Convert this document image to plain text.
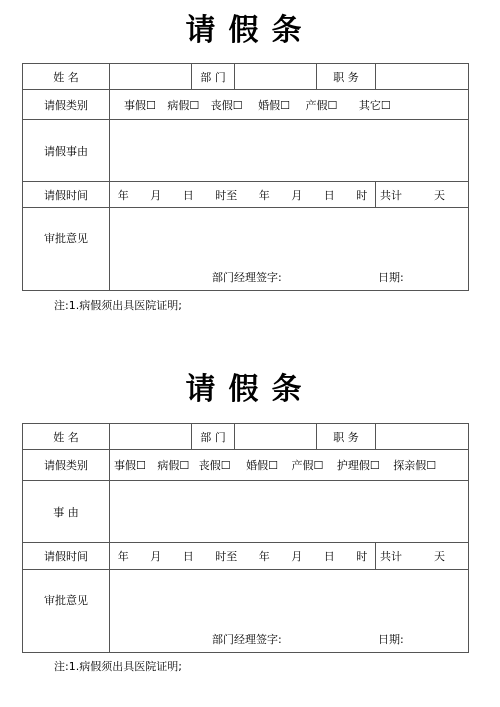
请假条
姓 名		部 门		职 务	
请假类别	事假☐ 病假☐ 丧假☐ 婚假☐ 产假☐ 其它☐				
请假事由					
请假时间	年 月 日 时至 年 月 日 时				共计 天
审批意见	部门经理签字: 日期:				
注:1.病假须出具医院证明;
请假条
姓 名		部 门		职 务	
请假类别	事假☐ 病假☐ 丧假☐ 婚假☐ 产假☐ 护理假☐ 探亲假☐				
事 由					
请假时间	年 月 日 时至 年 月 日 时				共计 天
审批意见	部门经理签字: 日期:				
注:1.病假须出具医院证明;
